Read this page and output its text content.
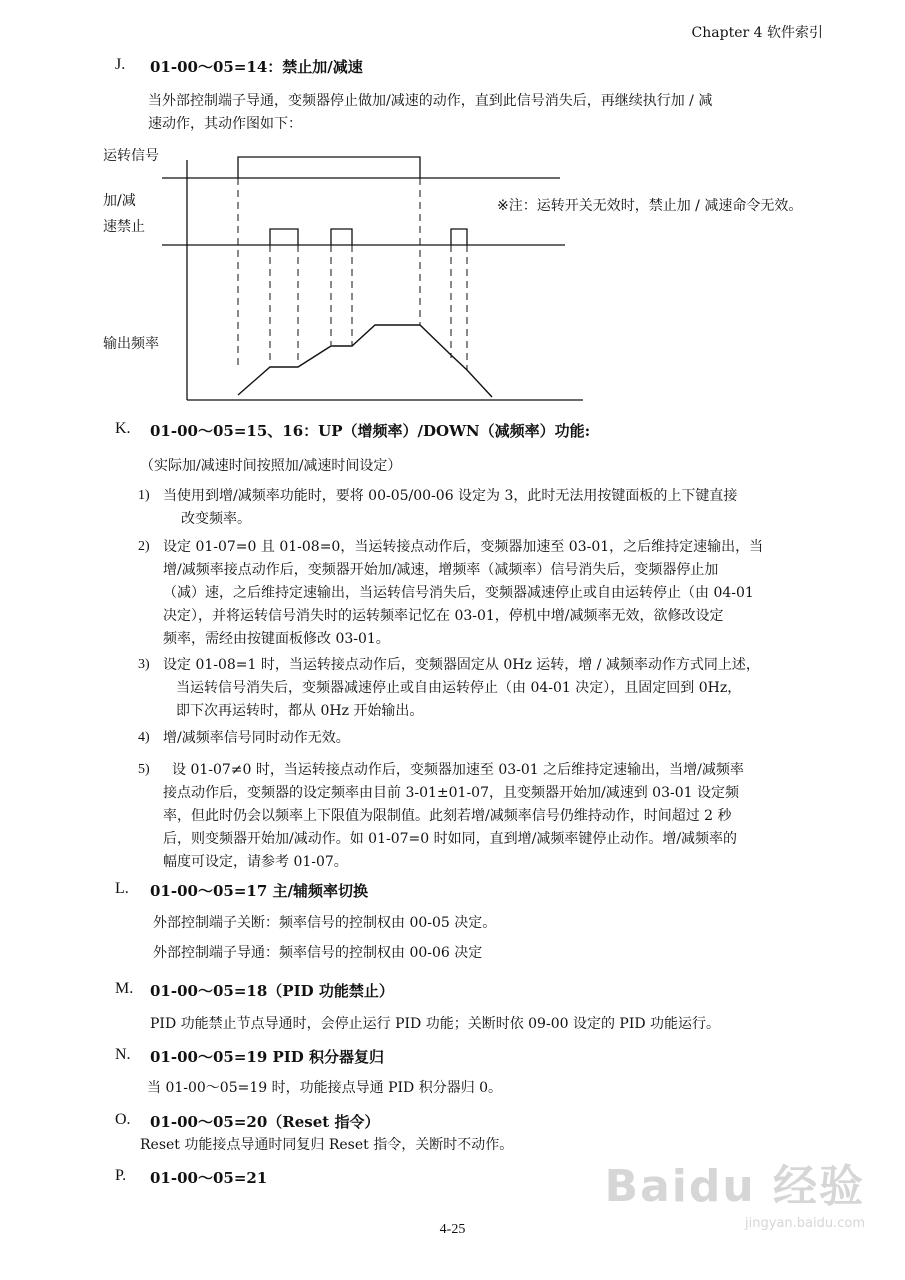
Chapter 4 软件索引
J. 01-00～05=14：禁止加/减速
当外部控制端子导通，变频器停止做加/减速的动作，直到此信号消失后，再继续执行加 / 减
速动作，其动作图如下：
运转信号
加/减
速禁止
输出频率
※注：运转开关无效时，禁止加 / 减速命令无效。
K. 01-00～05=15、16：UP（增频率）/DOWN（减频率）功能:
（实际加/减速时间按照加/减速时间设定）
1) 当使用到增/减频率功能时，要将 00-05/00-06 设定为 3，此时无法用按键面板的上下键直接
改变频率。
2) 设定 01-07=0 且 01-08=0，当运转接点动作后，变频器加速至 03-01，之后维持定速输出，当
增/减频率接点动作后，变频器开始加/减速，增频率（减频率）信号消失后，变频器停止加
（减）速，之后维持定速输出，当运转信号消失后，变频器减速停止或自由运转停止（由 04-01
决定），并将运转信号消失时的运转频率记忆在 03-01，停机中增/减频率无效，欲修改设定
频率，需经由按键面板修改 03-01。
3) 设定 01-08=1 时，当运转接点动作后，变频器固定从 0Hz 运转，增 / 减频率动作方式同上述，
当运转信号消失后，变频器减速停止或自由运转停止（由 04-01 决定），且固定回到 0Hz，
即下次再运转时，都从 0Hz 开始输出。
4) 增/减频率信号同时动作无效。
5) 设 01-07≠0 时，当运转接点动作后，变频器加速至 03-01 之后维持定速输出，当增/减频率
接点动作后，变频器的设定频率由目前 3-01±01-07，且变频器开始加/减速到 03-01 设定频
率，但此时仍会以频率上下限值为限制值。此刻若增/减频率信号仍维持动作，时间超过 2 秒
后，则变频器开始加/减动作。如 01-07=0 时如同，直到增/减频率键停止动作。增/减频率的
幅度可设定，请参考 01-07。
L. 01-00～05=17 主/辅频率切换
外部控制端子关断：频率信号的控制权由 00-05 决定。
外部控制端子导通：频率信号的控制权由 00-06 决定
M. 01-00～05=18（PID 功能禁止）
PID 功能禁止节点导通时，会停止运行 PID 功能；关断时依 09-00 设定的 PID 功能运行。
N. 01-00～05=19 PID 积分器复归
当 01-00～05=19 时，功能接点导通 PID 积分器归 0。
O. 01-00～05=20（Reset 指令）
Reset 功能接点导通时同复归 Reset 指令，关断时不动作。
P. 01-00～05=21	Baidu 经验
jingyan.baidu.com
4-25
